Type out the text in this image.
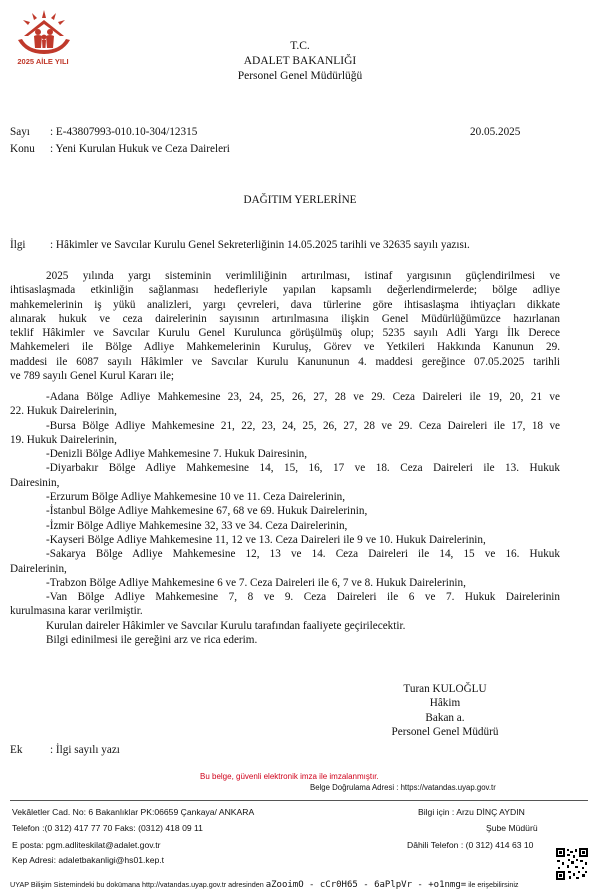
2025 AİLE YILI
T.C.
ADALET BAKANLIĞI
Personel Genel Müdürlüğü
Sayı : E-43807993-010.10-304/12315	20.05.2025
Konu : Yeni Kurulan Hukuk ve Ceza Daireleri
DAĞITIM YERLERİNE
İlgi : Hâkimler ve Savcılar Kurulu Genel Sekreterliğinin 14.05.2025 tarihli ve 32635 sayılı yazısı.
2025 yılında yargı sisteminin verimliliğinin artırılması, istinaf yargısının güçlendirilmesi ve
ihtisaslaşmada etkinliğin sağlanması hedefleriyle yapılan kapsamlı değerlendirmelerde; bölge adliye
mahkemelerinin iş yükü analizleri, yargı çevreleri, dava türlerine göre ihtisaslaşma ihtiyaçları dikkate
alınarak hukuk ve ceza dairelerinin sayısının artırılmasına ilişkin Genel Müdürlüğümüzce hazırlanan
teklif Hâkimler ve Savcılar Kurulu Genel Kurulunca görüşülmüş olup; 5235 sayılı Adli Yargı İlk Derece
Mahkemeleri ile Bölge Adliye Mahkemelerinin Kuruluş, Görev ve Yetkileri Hakkında Kanunun 29.
maddesi ile 6087 sayılı Hâkimler ve Savcılar Kurulu Kanununun 4. maddesi gereğince 07.05.2025 tarihli
ve 789 sayılı Genel Kurul Kararı ile;
-Adana Bölge Adliye Mahkemesine 23, 24, 25, 26, 27, 28 ve 29. Ceza Daireleri ile 19, 20, 21 ve
22. Hukuk Dairelerinin,
-Bursa Bölge Adliye Mahkemesine 21, 22, 23, 24, 25, 26, 27, 28 ve 29. Ceza Daireleri ile 17, 18 ve
19. Hukuk Dairelerinin,
-Denizli Bölge Adliye Mahkemesine 7. Hukuk Dairesinin,
-Diyarbakır Bölge Adliye Mahkemesine 14, 15, 16, 17 ve 18. Ceza Daireleri ile 13. Hukuk
Dairesinin,
-Erzurum Bölge Adliye Mahkemesine 10 ve 11. Ceza Dairelerinin,
-İstanbul Bölge Adliye Mahkemesine 67, 68 ve 69. Hukuk Dairelerinin,
-İzmir Bölge Adliye Mahkemesine 32, 33 ve 34. Ceza Dairelerinin,
-Kayseri Bölge Adliye Mahkemesine 11, 12 ve 13. Ceza Daireleri ile 9 ve 10. Hukuk Dairelerinin,
-Sakarya Bölge Adliye Mahkemesine 12, 13 ve 14. Ceza Daireleri ile 14, 15 ve 16. Hukuk
Dairelerinin,
-Trabzon Bölge Adliye Mahkemesine 6 ve 7. Ceza Daireleri ile 6, 7 ve 8. Hukuk Dairelerinin,
-Van Bölge Adliye Mahkemesine 7, 8 ve 9. Ceza Daireleri ile 6 ve 7. Hukuk Dairelerinin
kurulmasına karar verilmiştir.
Kurulan daireler Hâkimler ve Savcılar Kurulu tarafından faaliyete geçirilecektir.
Bilgi edinilmesi ile gereğini arz ve rica ederim.
Turan KULOĞLU
Hâkim
Bakan a.
Personel Genel Müdürü
Ek : İlgi sayılı yazı
Bu belge, güvenli elektronik imza ile imzalanmıştır.
Belge Doğrulama Adresi : https://vatandas.uyap.gov.tr
Vekâletler Cad. No: 6 Bakanlıklar PK:06659 Çankaya/ ANKARA
Telefon :(0 312) 417 77 70 Faks: (0312) 418 09 11
E posta: pgm.adliteskilat@adalet.gov.tr
Kep Adresi: adaletbakanligi@hs01.kep.t
Bilgi için : Arzu DİNÇ AYDIN
Şube Müdürü
Dâhili Telefon : (0 312) 414 63 10
UYAP Bilişim Sistemindeki bu dokümana http://vatandas.uyap.gov.tr adresinden aZooimO - cCr0H65 - 6aPlpVr - +o1nmg= ile erişebilirsiniz
